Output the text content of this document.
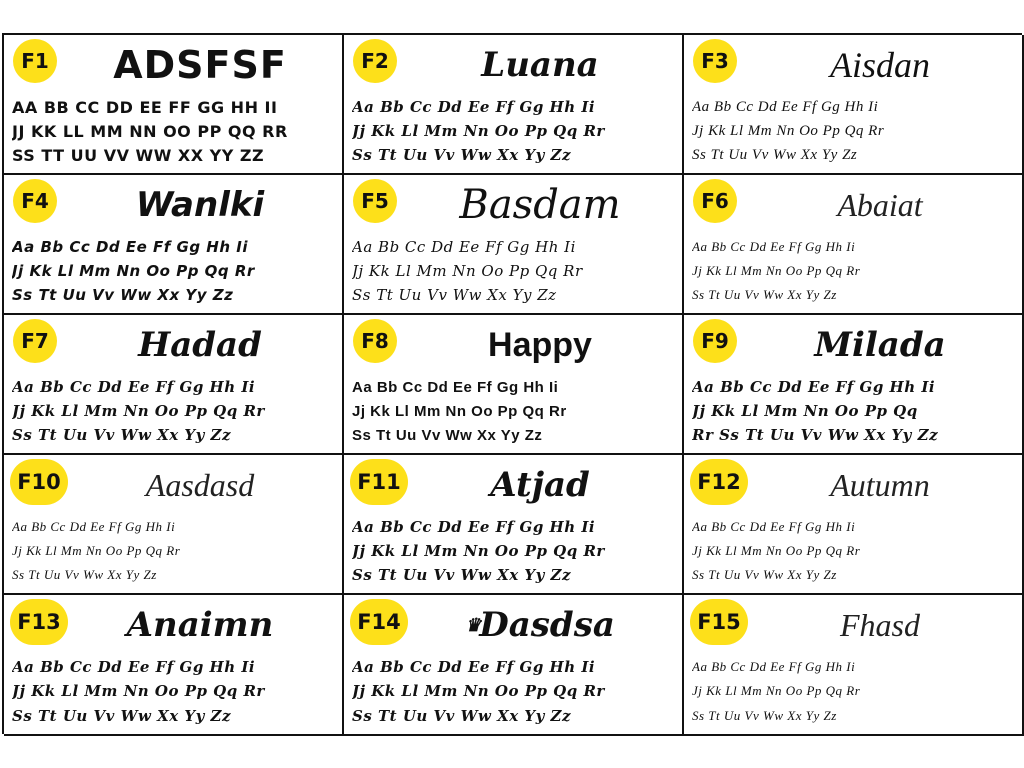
F1 ADSFSF
AA BB CC DD EE FF GG HH II
JJ KK LL MM NN OO PP QQ RR
SS TT UU VV WW XX YY ZZ
F2	Luana
Aa Bb Cc Dd Ee Ff Gg Hh Ii
Jj Kk Ll Mm Nn Oo Pp Qq Rr
Ss Tt Uu Vv Ww Xx Yy Zz
F3	Aisdan
Aa Bb Cc Dd Ee Ff Gg Hh Ii
Jj Kk Ll Mm Nn Oo Pp Qq Rr
Ss Tt Uu Vv Ww Xx Yy Zz
F4	Wanlki
Aa Bb Cc Dd Ee Ff Gg Hh Ii
Jj Kk Ll Mm Nn Oo Pp Qq Rr
Ss Tt Uu Vv Ww Xx Yy Zz
F5 Basdam
Aa Bb Cc Dd Ee Ff Gg Hh Ii
Jj Kk Ll Mm Nn Oo Pp Qq Rr
Ss Tt Uu Vv Ww Xx Yy Zz
F6	Abaiat
Aa Bb Cc Dd Ee Ff Gg Hh Ii
Jj Kk Ll Mm Nn Oo Pp Qq Rr
Ss Tt Uu Vv Ww Xx Yy Zz
F7	Hadad
Aa Bb Cc Dd Ee Ff Gg Hh Ii
Jj Kk Ll Mm Nn Oo Pp Qq Rr
Ss Tt Uu Vv Ww Xx Yy Zz
F8	Happy
Aa Bb Cc Dd Ee Ff Gg Hh Ii
Jj Kk Ll Mm Nn Oo Pp Qq Rr
Ss Tt Uu Vv Ww Xx Yy Zz
F9	Milada
Aa Bb Cc Dd Ee Ff Gg Hh Ii
Jj Kk Ll Mm Nn Oo Pp Qq
Rr Ss Tt Uu Vv Ww Xx Yy Zz
F10	Aasdasd
Aa Bb Cc Dd Ee Ff Gg Hh Ii
Jj Kk Ll Mm Nn Oo Pp Qq Rr
Ss Tt Uu Vv Ww Xx Yy Zz
F11	Atjad
Aa Bb Cc Dd Ee Ff Gg Hh Ii
Jj Kk Ll Mm Nn Oo Pp Qq Rr
Ss Tt Uu Vv Ww Xx Yy Zz
F12	Autumn
Aa Bb Cc Dd Ee Ff Gg Hh Ii
Jj Kk Ll Mm Nn Oo Pp Qq Rr
Ss Tt Uu Vv Ww Xx Yy Zz
F13 Anaimn
Aa Bb Cc Dd Ee Ff Gg Hh Ii
Jj Kk Ll Mm Nn Oo Pp Qq Rr
Ss Tt Uu Vv Ww Xx Yy Zz
F14	♛
Dasdsa
Aa Bb Cc Dd Ee Ff Gg Hh Ii
Jj Kk Ll Mm Nn Oo Pp Qq Rr
Ss Tt Uu Vv Ww Xx Yy Zz
F15	Fhasd
Aa Bb Cc Dd Ee Ff Gg Hh Ii
Jj Kk Ll Mm Nn Oo Pp Qq Rr
Ss Tt Uu Vv Ww Xx Yy Zz
